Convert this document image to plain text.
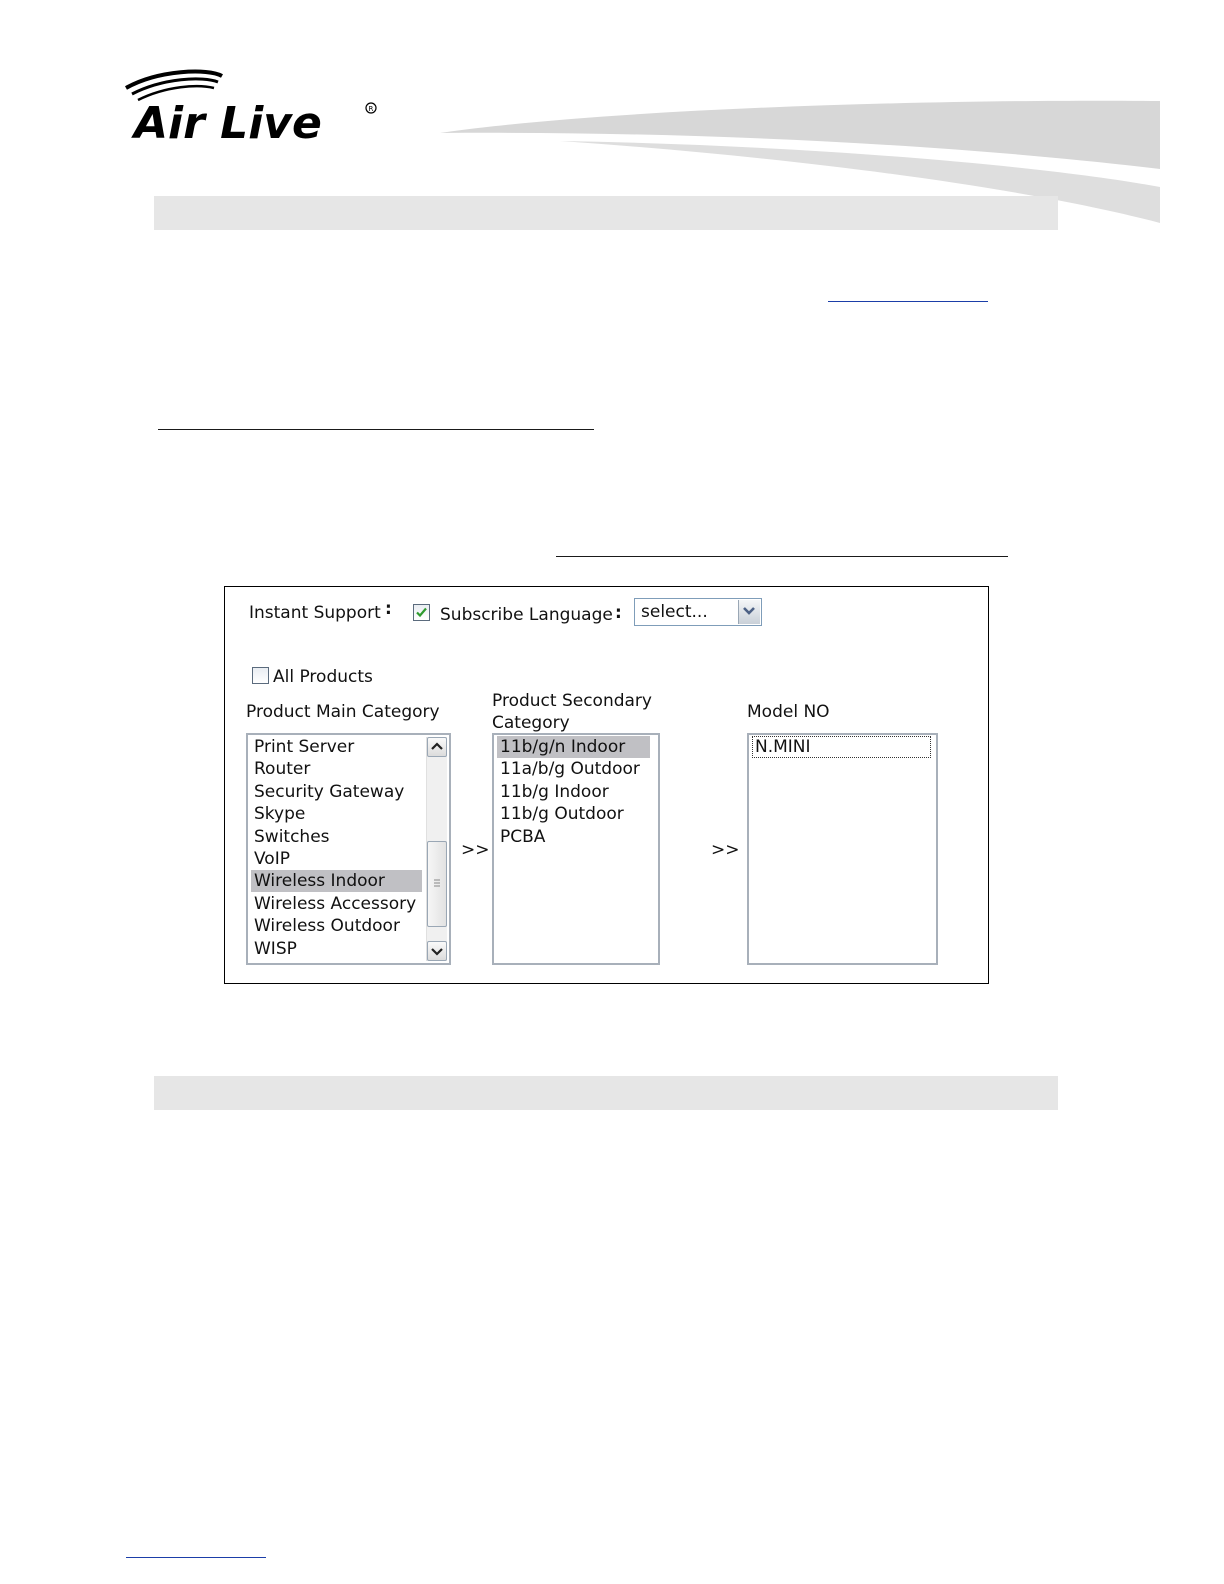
Air Live	R
Instant Support :	Subscribe Language : select...
All Products
Product Main Category
Product Secondary
Category
Model NO
Print Server
Router
Security Gateway
Skype
Switches
VoIP
Wireless Indoor
Wireless Accessory
Wireless Outdoor
WISP
>>
11b/g/n Indoor
11a/b/g Outdoor
11b/g Indoor
11b/g Outdoor
PCBA
>>
N.MINI
